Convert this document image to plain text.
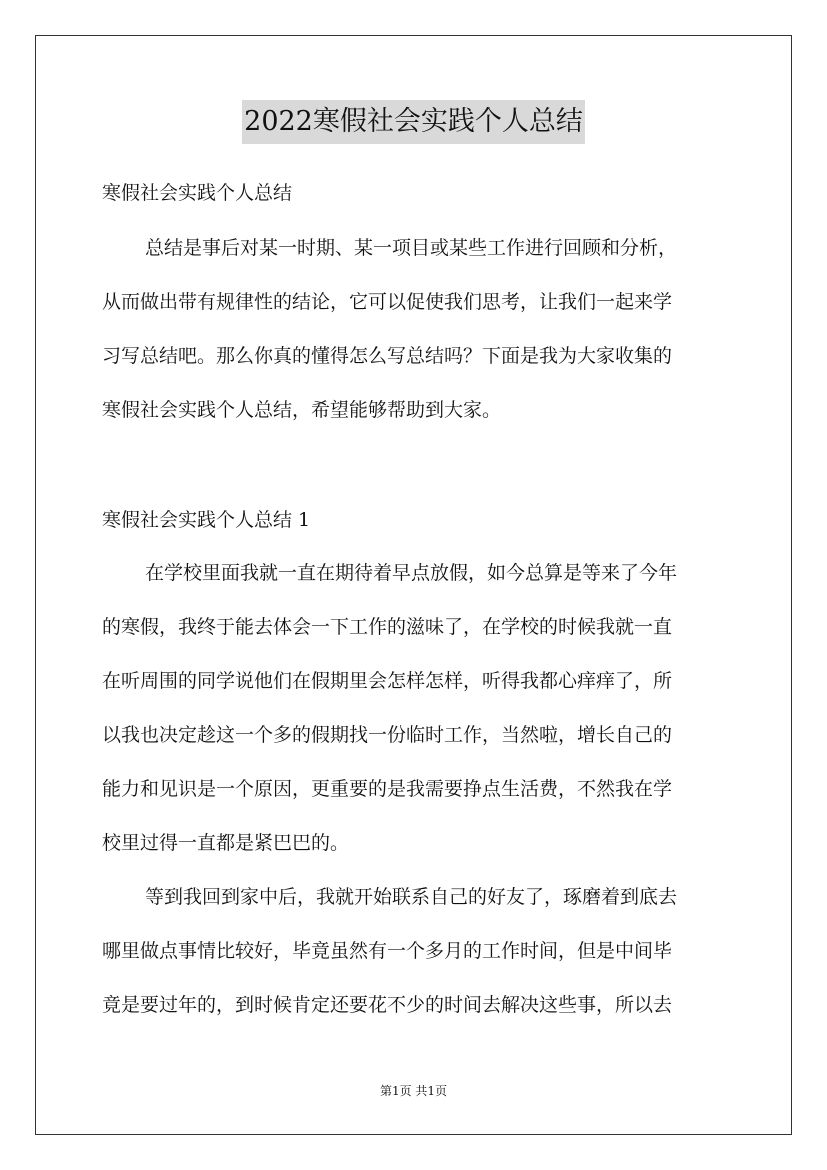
2022寒假社会实践个人总结
寒假社会实践个人总结
总结是事后对某一时期、某一项目或某些工作进行回顾和分析，
从而做出带有规律性的结论，它可以促使我们思考，让我们一起来学
习写总结吧。那么你真的懂得怎么写总结吗？下面是我为大家收集的
寒假社会实践个人总结，希望能够帮助到大家。
寒假社会实践个人总结 1
在学校里面我就一直在期待着早点放假，如今总算是等来了今年
的寒假，我终于能去体会一下工作的滋味了，在学校的时候我就一直
在听周围的同学说他们在假期里会怎样怎样，听得我都心痒痒了，所
以我也决定趁这一个多的假期找一份临时工作，当然啦，增长自己的
能力和见识是一个原因，更重要的是我需要挣点生活费，不然我在学
校里过得一直都是紧巴巴的。
等到我回到家中后，我就开始联系自己的好友了，琢磨着到底去
哪里做点事情比较好，毕竟虽然有一个多月的工作时间，但是中间毕
竟是要过年的，到时候肯定还要花不少的时间去解决这些事，所以去
第1页 共1页
